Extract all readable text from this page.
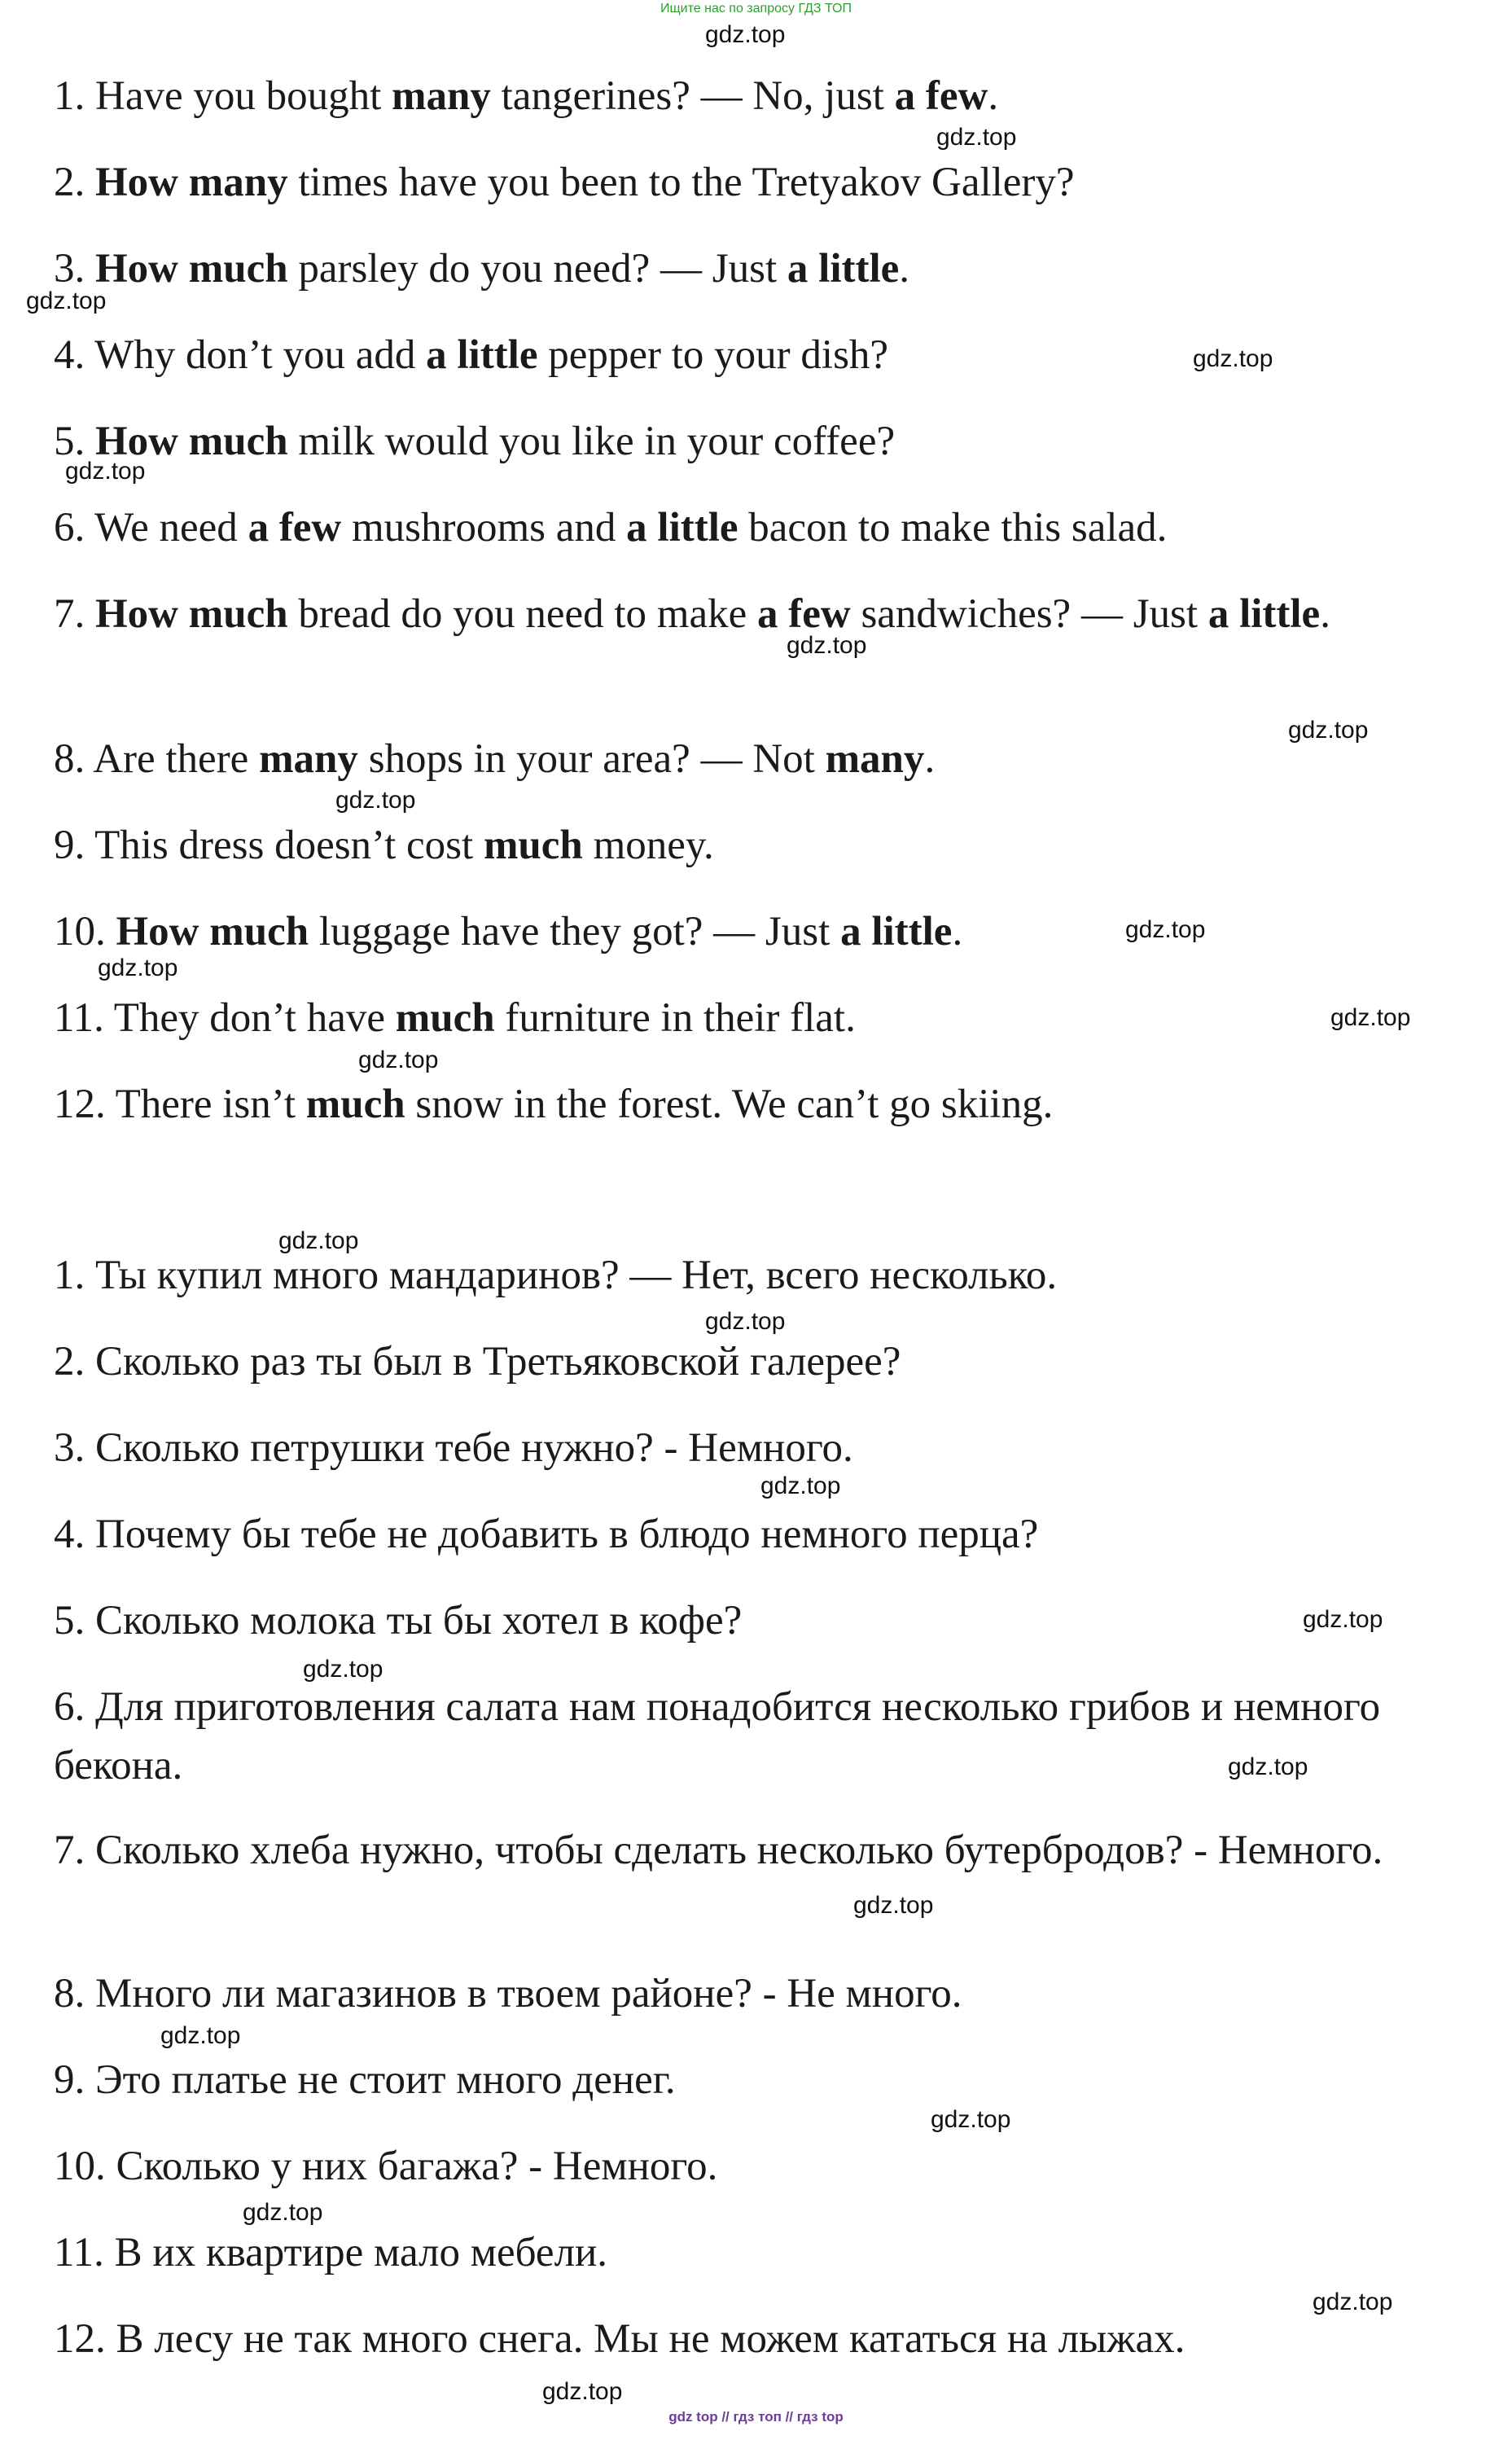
Ищите нас по запросу ГДЗ ТОП
gdz.top
gdz.top
gdz.top
gdz.top
gdz.top
gdz.top
gdz.top
gdz.top
gdz.top
gdz.top
gdz.top
gdz.top
gdz.top
gdz.top
gdz.top
gdz.top
gdz.top
gdz.top
gdz.top
gdz.top
gdz.top
gdz.top
gdz.top
gdz.top
1. Have you bought many tangerines? — No, just a few.
2. How many times have you been to the Tretyakov Gallery?
3. How much parsley do you need? — Just a little.
4. Why don’t you add a little pepper to your dish?
5. How much milk would you like in your coffee?
6. We need a few mushrooms and a little bacon to make this salad.
7. How much bread do you need to make a few sandwiches? — Just a little.
8. Are there many shops in your area? — Not many.
9. This dress doesn’t cost much money.
10. How much luggage have they got? — Just a little.
11. They don’t have much furniture in their flat.
12. There isn’t much snow in the forest. We can’t go skiing.
1. Ты купил много мандаринов? — Нет, всего несколько.
2. Сколько раз ты был в Третьяковской галерее?
3. Сколько петрушки тебе нужно? - Немного.
4. Почему бы тебе не добавить в блюдо немного перца?
5. Сколько молока ты бы хотел в кофе?
6. Для приготовления салата нам понадобится несколько грибов и немного бекона.
7. Сколько хлеба нужно, чтобы сделать несколько бутербродов? - Немного.
8. Много ли магазинов в твоем районе? - Не много.
9. Это платье не стоит много денег.
10. Сколько у них багажа? - Немного.
11. В их квартире мало мебели.
12. В лесу не так много снега. Мы не можем кататься на лыжах.
gdz top // гдз топ // гдз top
